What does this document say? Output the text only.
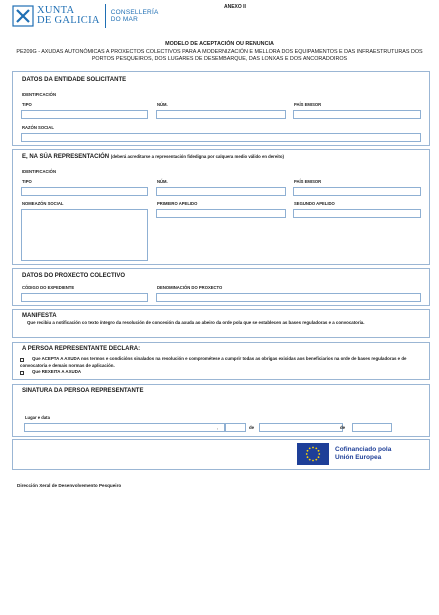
XUNTA
DE GALICIA
CONSELLERÍA
DO MAR
ANEXO II
MODELO DE ACEPTACIÓN OU RENUNCIA
PE209G - AXUDAS AUTONÓMICAS A PROXECTOS COLECTIVOS PARA A MODERNIZACIÓN E MELLORA DOS EQUIPAMENTOS E DAS INFRAESTRUTURAS DOS PORTOS PESQUEIROS, DOS LUGARES DE DESEMBARQUE, DAS LONXAS E DOS ANCORADOIROS
DATOS DA ENTIDADE SOLICITANTE
IDENTIFICACIÓN
TIPO	NÚM.	PAÍS EMISOR
RAZÓN SOCIAL
E, NA SÚA REPRESENTACIÓN (deberá acreditarse a representación fidedigna por calquera medio válido en dereito)
IDENTIFICACIÓN
TIPO	NÚM.	PAÍS EMISOR
NOMEAZÓN SOCIAL	PRIMEIRO APELIDO	SEGUNDO APELIDO
DATOS DO PROXECTO COLECTIVO
CÓDIGO DO EXPEDIENTE	DENOMINACIÓN DO PROXECTO
MANIFESTA
Que recibiu a notificación co texto íntegro da resolución de concesión da axuda ao abeiro da orde pola que se establecen as bases reguladoras e a convocatoria.
A PERSOA REPRESENTANTE DECLARA:
Que ACEPTA A AXUDA nos termos e condicións sinalados na resolución e comprométese a cumprir todas as obrigas exixidas aos beneficiarios na orde de bases reguladoras e de convocatoria e demais normas de aplicación.
Que REXEITA A AXUDA
SINATURA DA PERSOA REPRESENTANTE
Lugar e data
,	de	de
Cofinanciado pola
Unión Europea
Dirección Xeral de Desenvolvemento Pesqueiro
